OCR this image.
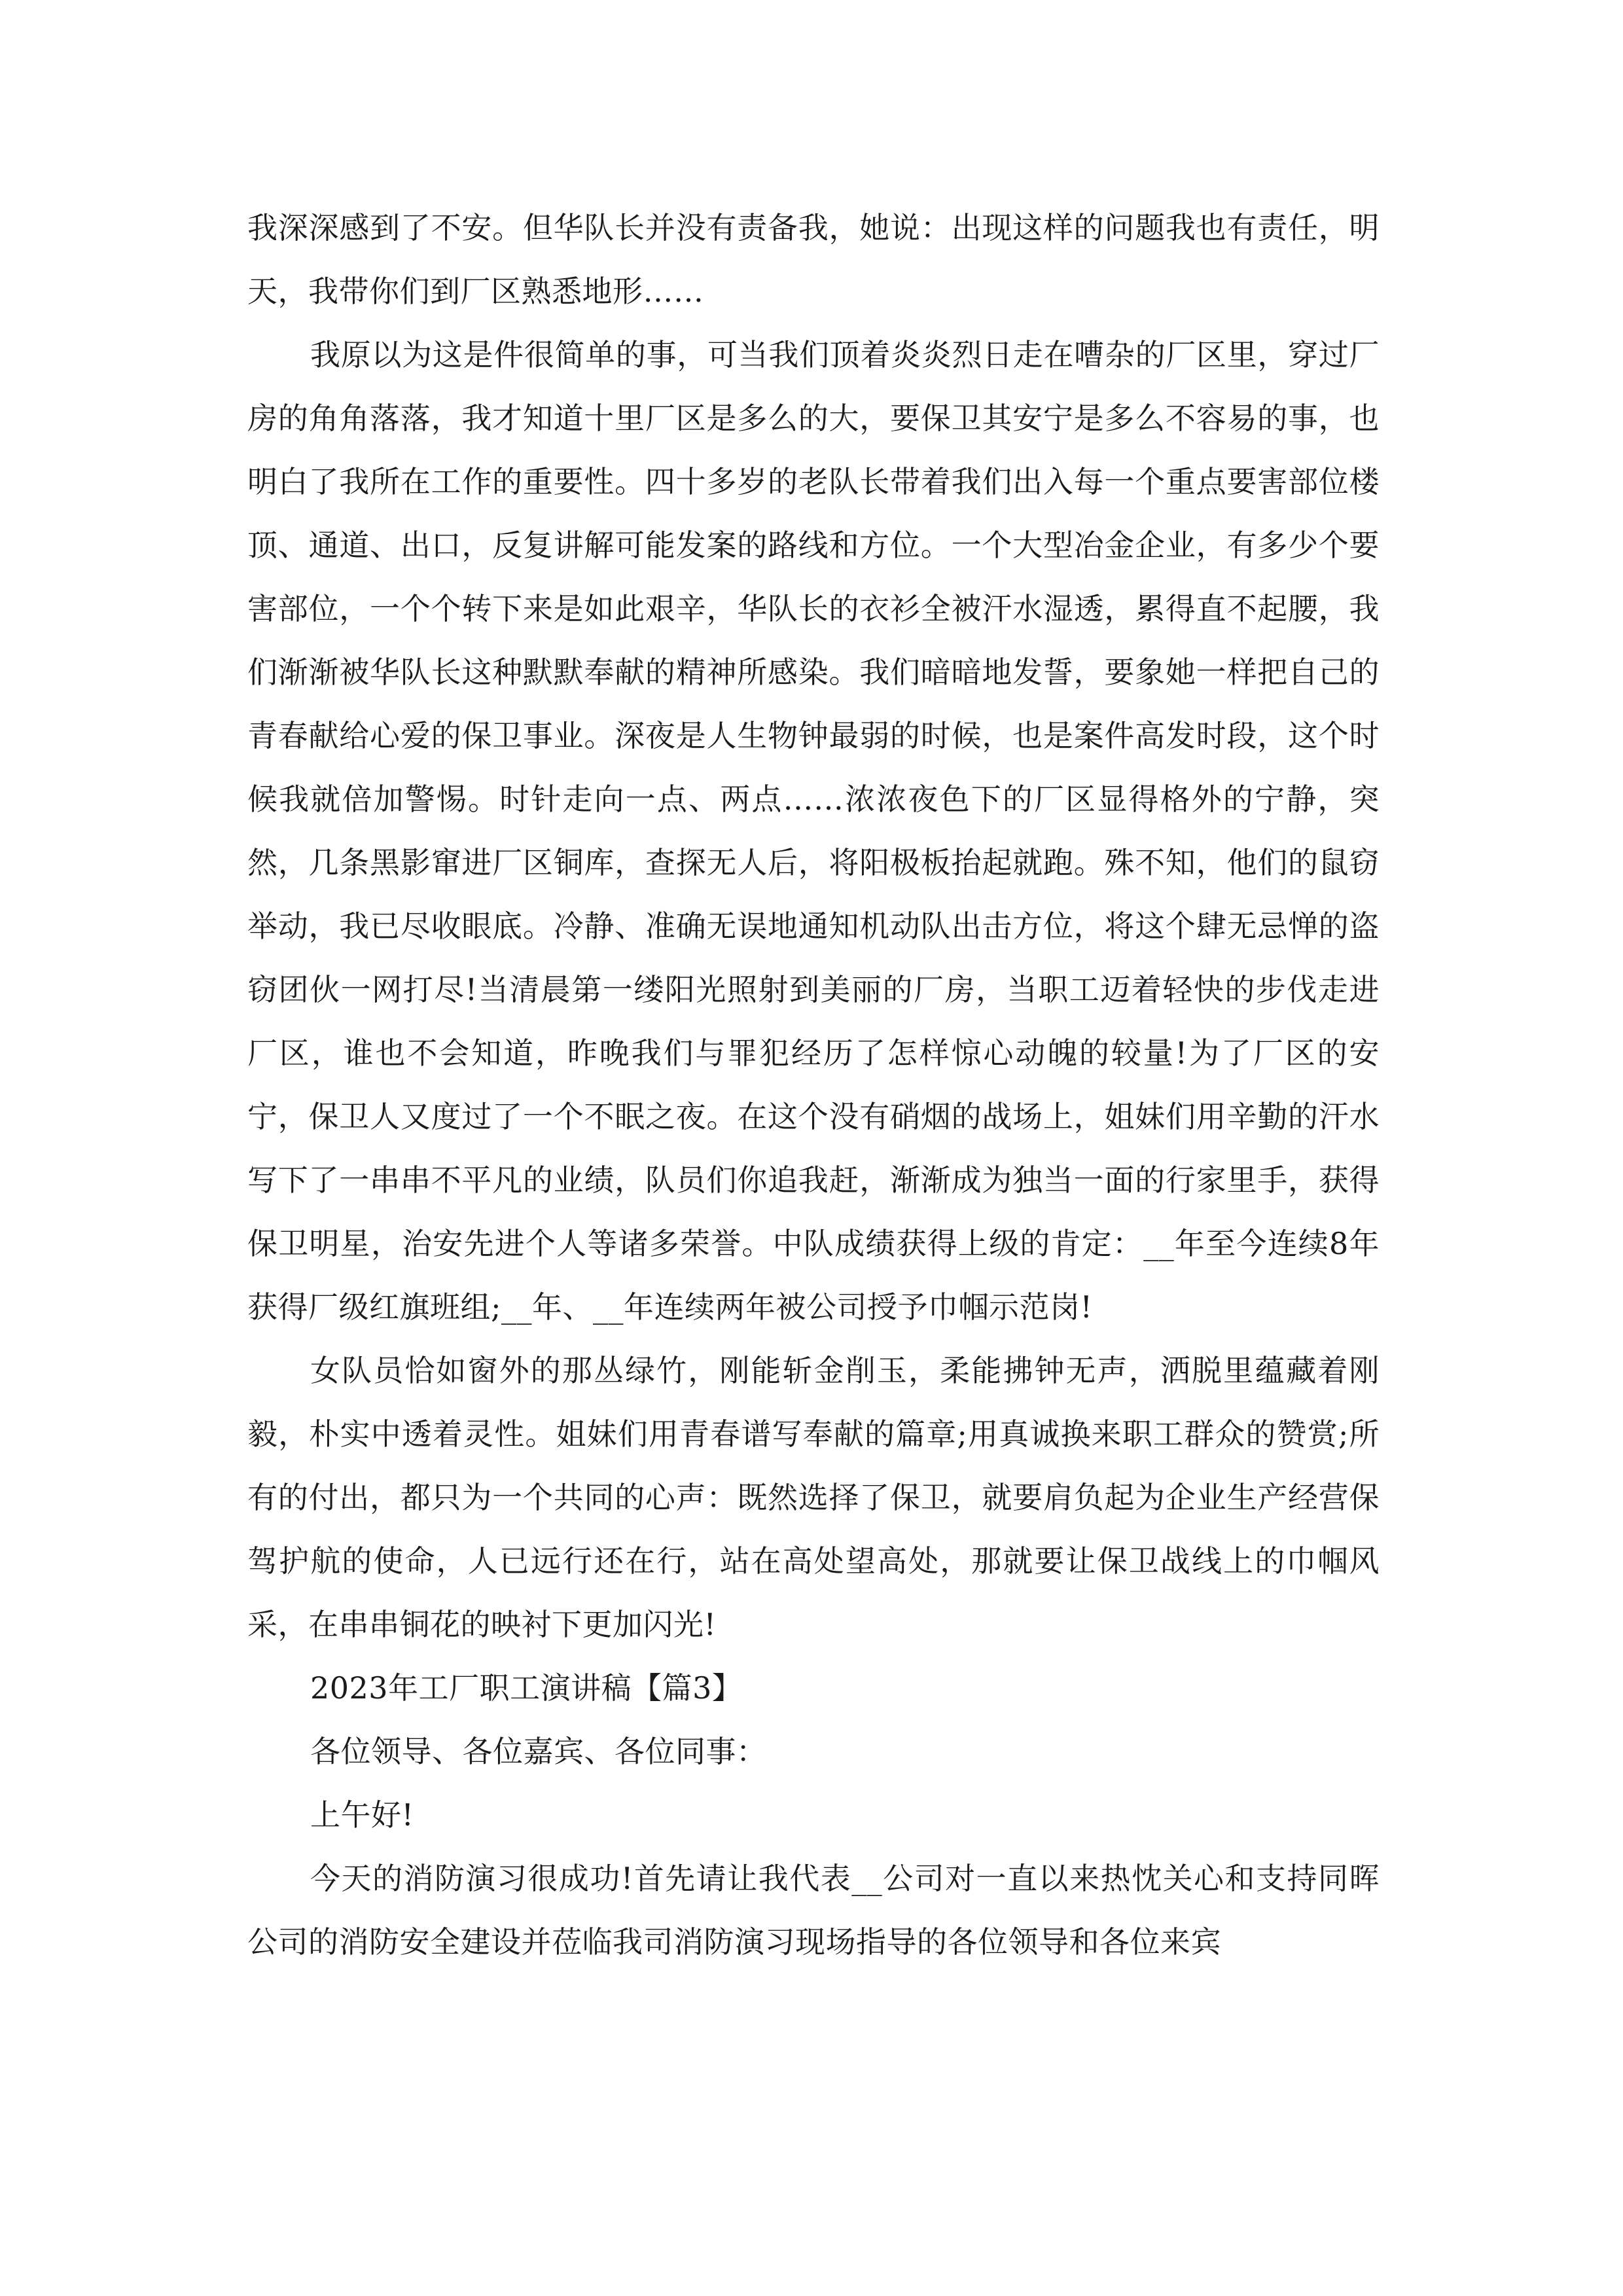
我深深感到了不安。但华队长并没有责备我，她说：出现这样的问题我也有责任，明天，我带你们到厂区熟悉地形……

我原以为这是件很简单的事，可当我们顶着炎炎烈日走在嘈杂的厂区里，穿过厂房的角角落落，我才知道十里厂区是多么的大，要保卫其安宁是多么不容易的事，也明白了我所在工作的重要性。四十多岁的老队长带着我们出入每一个重点要害部位楼顶、通道、出口，反复讲解可能发案的路线和方位。一个大型冶金企业，有多少个要害部位，一个个转下来是如此艰辛，华队长的衣衫全被汗水湿透，累得直不起腰，我们渐渐被华队长这种默默奉献的精神所感染。我们暗暗地发誓，要象她一样把自己的青春献给心爱的保卫事业。深夜是人生物钟最弱的时候，也是案件高发时段，这个时候我就倍加警惕。时针走向一点、两点……浓浓夜色下的厂区显得格外的宁静，突然，几条黑影窜进厂区铜库，查探无人后，将阳极板抬起就跑。殊不知，他们的鼠窃举动，我已尽收眼底。冷静、准确无误地通知机动队出击方位，将这个肆无忌惮的盗窃团伙一网打尽!当清晨第一缕阳光照射到美丽的厂房，当职工迈着轻快的步伐走进厂区，谁也不会知道，昨晚我们与罪犯经历了怎样惊心动魄的较量!为了厂区的安宁，保卫人又度过了一个不眠之夜。在这个没有硝烟的战场上，姐妹们用辛勤的汗水写下了一串串不平凡的业绩，队员们你追我赶，渐渐成为独当一面的行家里手，获得保卫明星，治安先进个人等诸多荣誉。中队成绩获得上级的肯定：__年至今连续8年获得厂级红旗班组;__年、__年连续两年被公司授予巾帼示范岗!

女队员恰如窗外的那丛绿竹，刚能斩金削玉，柔能拂钟无声，洒脱里蕴藏着刚毅，朴实中透着灵性。姐妹们用青春谱写奉献的篇章;用真诚换来职工群众的赞赏;所有的付出，都只为一个共同的心声：既然选择了保卫，就要肩负起为企业生产经营保驾护航的使命，人已远行还在行，站在高处望高处，那就要让保卫战线上的巾帼风采，在串串铜花的映衬下更加闪光!

2023年工厂职工演讲稿【篇3】

各位领导、各位嘉宾、各位同事：

上午好!

今天的消防演习很成功!首先请让我代表__公司对一直以来热忱关心和支持同晖公司的消防安全建设并莅临我司消防演习现场指导的各位领导和各位来宾
